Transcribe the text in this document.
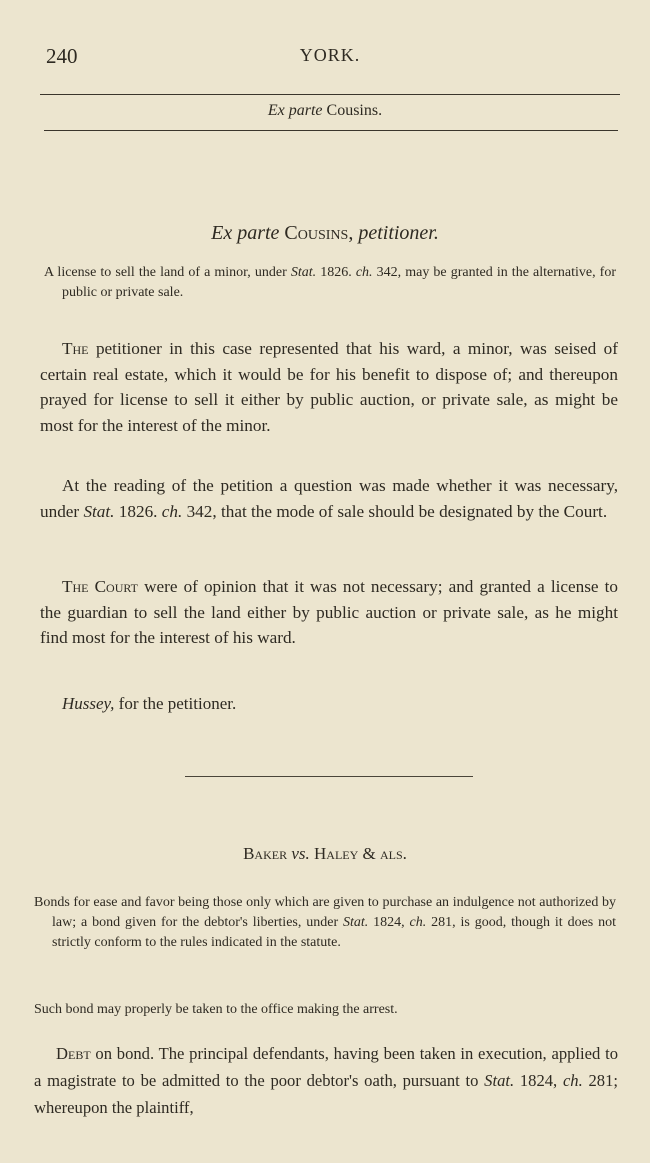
240	YORK.
Ex parte Cousins.
Ex parte Cousins, petitioner.
A license to sell the land of a minor, under Stat. 1826. ch. 342, may be granted in the alternative, for public or private sale.
The petitioner in this case represented that his ward, a minor, was seised of certain real estate, which it would be for his benefit to dispose of; and thereupon prayed for license to sell it either by public auction, or private sale, as might be most for the interest of the minor.
At the reading of the petition a question was made whether it was necessary, under Stat. 1826. ch. 342, that the mode of sale should be designated by the Court.
The Court were of opinion that it was not necessary; and granted a license to the guardian to sell the land either by public auction or private sale, as he might find most for the interest of his ward.
Hussey, for the petitioner.
Baker vs. Haley & als.
Bonds for ease and favor being those only which are given to purchase an indulgence not authorized by law; a bond given for the debtor's liberties, under Stat. 1824, ch. 281, is good, though it does not strictly conform to the rules indicated in the statute.
Such bond may properly be taken to the office making the arrest.
Debt on bond. The principal defendants, having been taken in execution, applied to a magistrate to be admitted to the poor debtor's oath, pursuant to Stat. 1824, ch. 281; whereupon the plaintiff,
